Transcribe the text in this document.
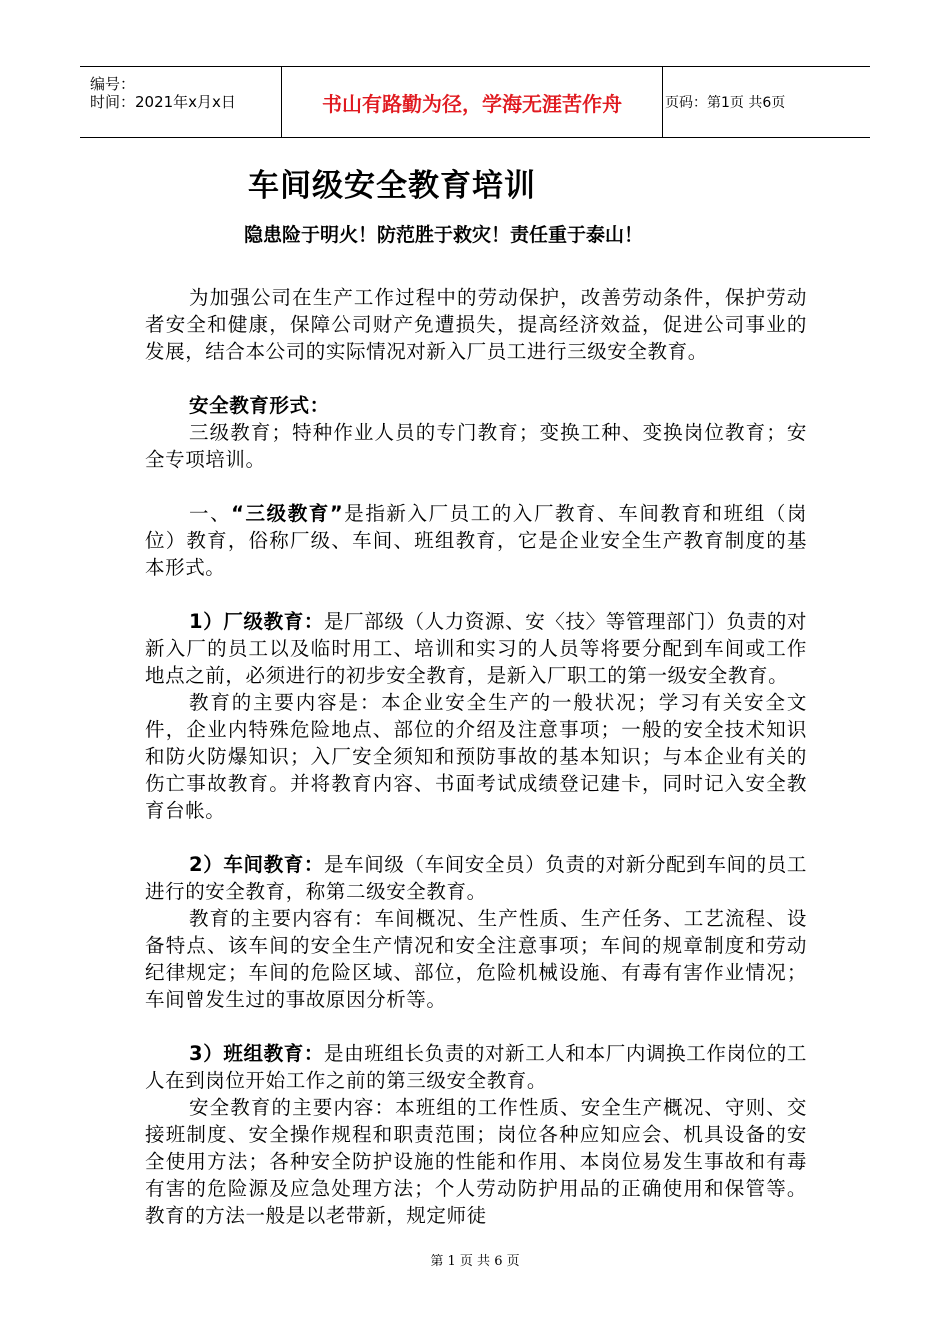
编号：
时间：2021年x月x日	书山有路勤为径，学海无涯苦作舟	页码：第1页 共6页
车间级安全教育培训
隐患险于明火！防范胜于救灾！责任重于泰山！

为加强公司在生产工作过程中的劳动保护，改善劳动条件，保护劳动者安全和健康，保障公司财产免遭损失，提高经济效益，促进公司事业的发展，结合本公司的实际情况对新入厂员工进行三级安全教育。

安全教育形式：

三级教育；特种作业人员的专门教育；变换工种、变换岗位教育；安全专项培训。

一、“三级教育”是指新入厂员工的入厂教育、车间教育和班组（岗位）教育，俗称厂级、车间、班组教育，它是企业安全生产教育制度的基本形式。

1）厂级教育：是厂部级（人力资源、安〈技〉等管理部门）负责的对新入厂的员工以及临时用工、培训和实习的人员等将要分配到车间或工作地点之前，必须进行的初步安全教育，是新入厂职工的第一级安全教育。

教育的主要内容是：本企业安全生产的一般状况；学习有关安全文件，企业内特殊危险地点、部位的介绍及注意事项；一般的安全技术知识和防火防爆知识；入厂安全须知和预防事故的基本知识；与本企业有关的伤亡事故教育。并将教育内容、书面考试成绩登记建卡，同时记入安全教育台帐。

2）车间教育：是车间级（车间安全员）负责的对新分配到车间的员工进行的安全教育，称第二级安全教育。

教育的主要内容有：车间概况、生产性质、生产任务、工艺流程、设备特点、该车间的安全生产情况和安全注意事项；车间的规章制度和劳动纪律规定；车间的危险区域、部位，危险机械设施、有毒有害作业情况；车间曾发生过的事故原因分析等。

3）班组教育：是由班组长负责的对新工人和本厂内调换工作岗位的工人在到岗位开始工作之前的第三级安全教育。

安全教育的主要内容：本班组的工作性质、安全生产概况、守则、交接班制度、安全操作规程和职责范围；岗位各种应知应会、机具设备的安全使用方法；各种安全防护设施的性能和作用、本岗位易发生事故和有毒有害的危险源及应急处理方法；个人劳动防护用品的正确使用和保管等。教育的方法一般是以老带新，规定师徒

第 1 页 共 6 页
